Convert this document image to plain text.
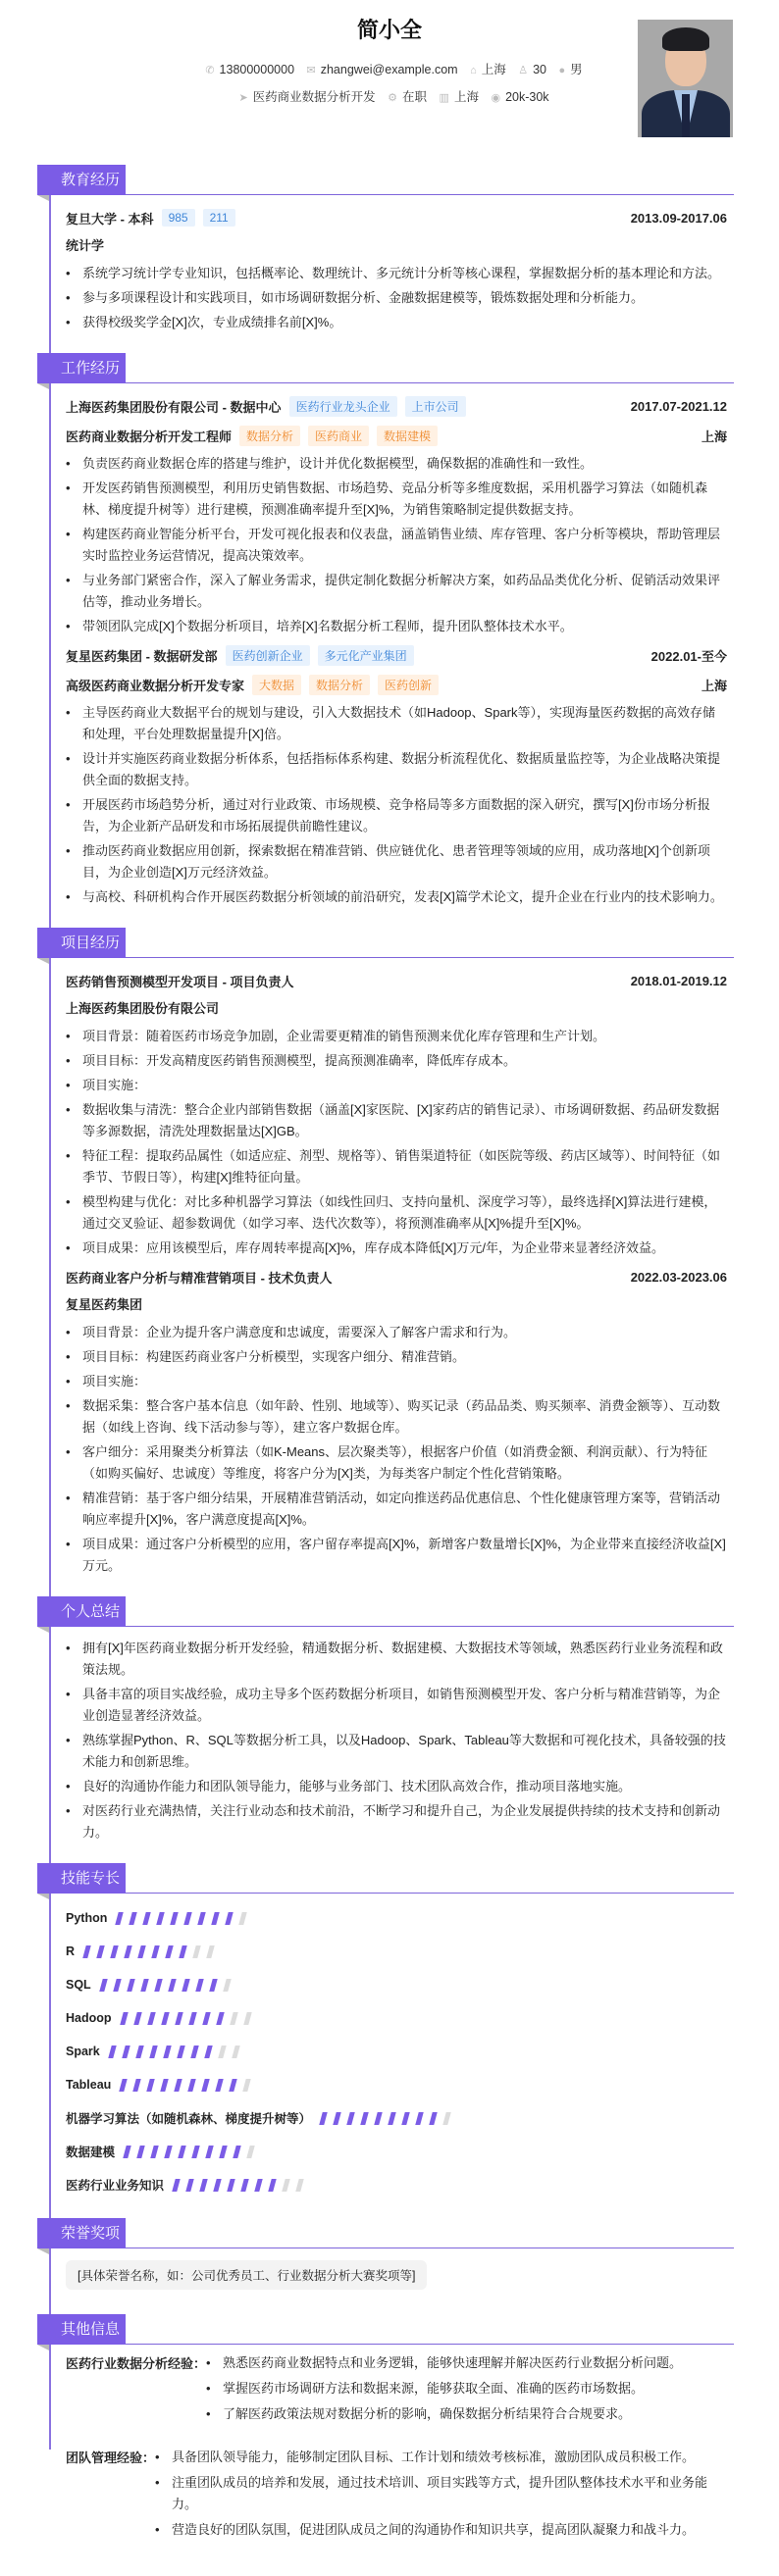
简小全
✆ 13800000000 ✉ zhangwei@example.com ⌂ 上海 ♙ 30 ● 男
➤ 医药商业数据分析开发 ⚙ 在职 ▥ 上海 ◉ 20k-30k
教育经历
复旦大学 - 本科	985	211	2013.09-2017.06
统计学
• 系统学习统计学专业知识，包括概率论、数理统计、多元统计分析等核心课程，掌握数据分析的基本理论和方法。
• 参与多项课程设计和实践项目，如市场调研数据分析、金融数据建模等，锻炼数据处理和分析能力。
• 获得校级奖学金[X]次，专业成绩排名前[X]%。
工作经历
上海医药集团股份有限公司 - 数据中心	医药行业龙头企业	上市公司	2017.07-2021.12
医药商业数据分析开发工程师	数据分析	医药商业	数据建模	上海
• 负责医药商业数据仓库的搭建与维护，设计并优化数据模型，确保数据的准确性和一致性。
• 开发医药销售预测模型，利用历史销售数据、市场趋势、竞品分析等多维度数据，采用机器学习算法（如随机森林、梯度提升树等）进行建模，预测准确率提升至[X]%，为销售策略制定提供数据支持。
• 构建医药商业智能分析平台，开发可视化报表和仪表盘，涵盖销售业绩、库存管理、客户分析等模块，帮助管理层实时监控业务运营情况，提高决策效率。
• 与业务部门紧密合作，深入了解业务需求，提供定制化数据分析解决方案，如药品品类优化分析、促销活动效果评估等，推动业务增长。
• 带领团队完成[X]个数据分析项目，培养[X]名数据分析工程师，提升团队整体技术水平。
复星医药集团 - 数据研发部	医药创新企业	多元化产业集团	2022.01-至今
高级医药商业数据分析开发专家	大数据	数据分析	医药创新	上海
• 主导医药商业大数据平台的规划与建设，引入大数据技术（如Hadoop、Spark等），实现海量医药数据的高效存储和处理，平台处理数据量提升[X]倍。
• 设计并实施医药商业数据分析体系，包括指标体系构建、数据分析流程优化、数据质量监控等，为企业战略决策提供全面的数据支持。
• 开展医药市场趋势分析，通过对行业政策、市场规模、竞争格局等多方面数据的深入研究，撰写[X]份市场分析报告，为企业新产品研发和市场拓展提供前瞻性建议。
• 推动医药商业数据应用创新，探索数据在精准营销、供应链优化、患者管理等领域的应用，成功落地[X]个创新项目，为企业创造[X]万元经济效益。
• 与高校、科研机构合作开展医药数据分析领域的前沿研究，发表[X]篇学术论文，提升企业在行业内的技术影响力。
项目经历
医药销售预测模型开发项目 - 项目负责人	2018.01-2019.12
上海医药集团股份有限公司
• 项目背景：随着医药市场竞争加剧，企业需要更精准的销售预测来优化库存管理和生产计划。
• 项目目标：开发高精度医药销售预测模型，提高预测准确率，降低库存成本。
• 项目实施：
• 数据收集与清洗：整合企业内部销售数据（涵盖[X]家医院、[X]家药店的销售记录）、市场调研数据、药品研发数据等多源数据，清洗处理数据量达[X]GB。
• 特征工程：提取药品属性（如适应症、剂型、规格等）、销售渠道特征（如医院等级、药店区域等）、时间特征（如季节、节假日等），构建[X]维特征向量。
• 模型构建与优化：对比多种机器学习算法（如线性回归、支持向量机、深度学习等），最终选择[X]算法进行建模，通过交叉验证、超参数调优（如学习率、迭代次数等），将预测准确率从[X]%提升至[X]%。
• 项目成果：应用该模型后，库存周转率提高[X]%，库存成本降低[X]万元/年，为企业带来显著经济效益。
医药商业客户分析与精准营销项目 - 技术负责人	2022.03-2023.06
复星医药集团
• 项目背景：企业为提升客户满意度和忠诚度，需要深入了解客户需求和行为。
• 项目目标：构建医药商业客户分析模型，实现客户细分、精准营销。
• 项目实施：
• 数据采集：整合客户基本信息（如年龄、性别、地域等）、购买记录（药品品类、购买频率、消费金额等）、互动数据（如线上咨询、线下活动参与等），建立客户数据仓库。
• 客户细分：采用聚类分析算法（如K-Means、层次聚类等），根据客户价值（如消费金额、利润贡献）、行为特征（如购买偏好、忠诚度）等维度，将客户分为[X]类，为每类客户制定个性化营销策略。
• 精准营销：基于客户细分结果，开展精准营销活动，如定向推送药品优惠信息、个性化健康管理方案等，营销活动响应率提升[X]%，客户满意度提高[X]%。
• 项目成果：通过客户分析模型的应用，客户留存率提高[X]%，新增客户数量增长[X]%，为企业带来直接经济收益[X]万元。
个人总结
• 拥有[X]年医药商业数据分析开发经验，精通数据分析、数据建模、大数据技术等领域，熟悉医药行业业务流程和政策法规。
• 具备丰富的项目实战经验，成功主导多个医药数据分析项目，如销售预测模型开发、客户分析与精准营销等，为企业创造显著经济效益。
• 熟练掌握Python、R、SQL等数据分析工具，以及Hadoop、Spark、Tableau等大数据和可视化技术，具备较强的技术能力和创新思维。
• 良好的沟通协作能力和团队领导能力，能够与业务部门、技术团队高效合作，推动项目落地实施。
• 对医药行业充满热情，关注行业动态和技术前沿，不断学习和提升自己，为企业发展提供持续的技术支持和创新动力。
技能专长
Python
R
SQL
Hadoop
Spark
Tableau
机器学习算法（如随机森林、梯度提升树等）
数据建模
医药行业业务知识
荣誉奖项
[具体荣誉名称，如：公司优秀员工、行业数据分析大赛奖项等]
其他信息
医药行业数据分析经验：	• 熟悉医药商业数据特点和业务逻辑，能够快速理解并解决医药行业数据分析问题。
• 掌握医药市场调研方法和数据来源，能够获取全面、准确的医药市场数据。
• 了解医药政策法规对数据分析的影响，确保数据分析结果符合合规要求。
团队管理经验：	• 具备团队领导能力，能够制定团队目标、工作计划和绩效考核标准，激励团队成员积极工作。
• 注重团队成员的培养和发展，通过技术培训、项目实践等方式，提升团队整体技术水平和业务能力。
• 营造良好的团队氛围，促进团队成员之间的沟通协作和知识共享，提高团队凝聚力和战斗力。
